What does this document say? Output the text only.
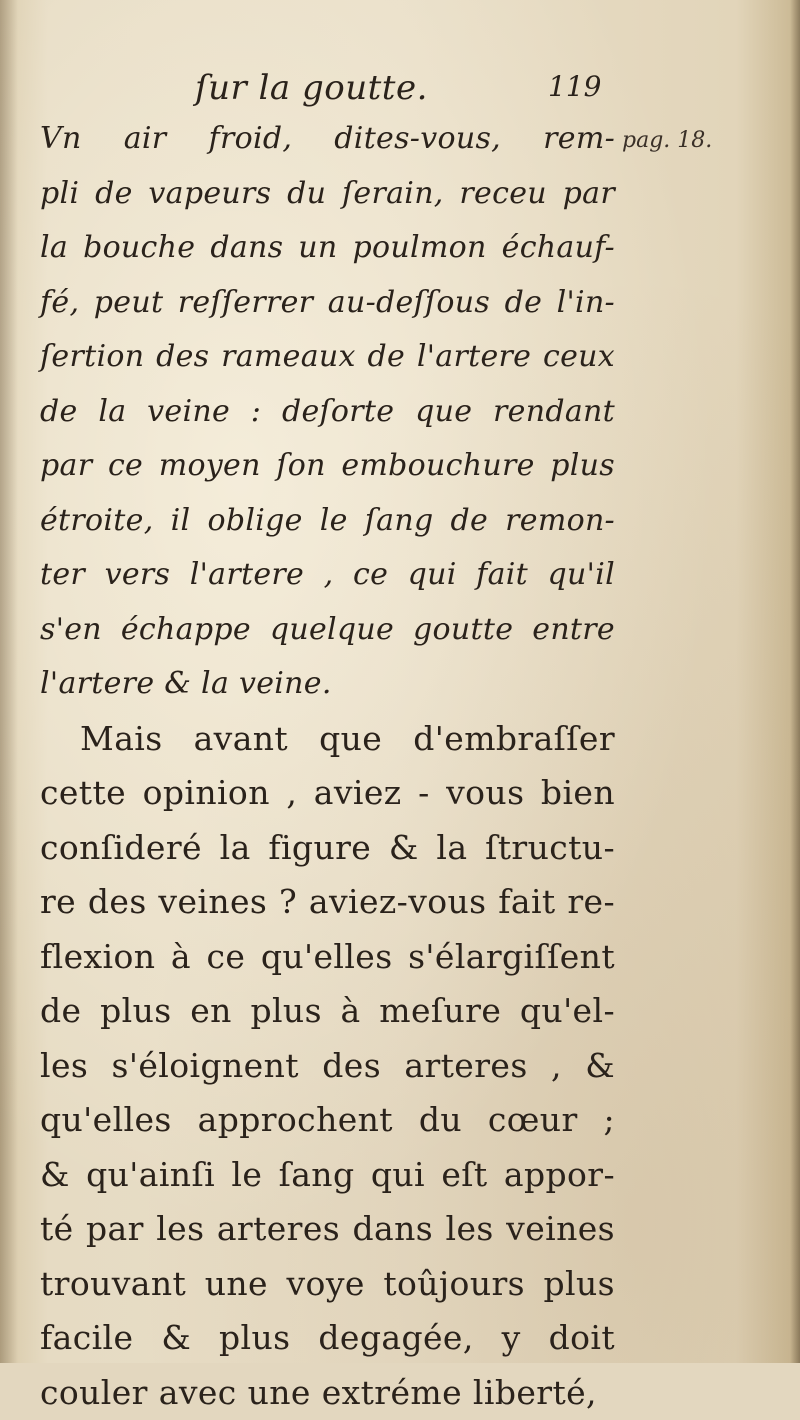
ſur la goutte.	119
pag. 18.
Vn air froid, dites-vous, rem-
pli de vapeurs du ſerain, receu par
la bouche dans un poulmon échauf-
fé, peut reſſerrer au-deſſous de l'in-
ſertion des rameaux de l'artere ceux
de la veine : deſorte que rendant
par ce moyen ſon embouchure plus
étroite, il oblige le ſang de remon-
ter vers l'artere , ce qui fait qu'il
s'en échappe quelque goutte entre
l'artere & la veine.
Mais avant que d'embraſſer
cette opinion , aviez - vous bien
conſideré la figure & la ſtructu-
re des veines ? aviez-vous fait re-
flexion à ce qu'elles s'élargiſſent
de plus en plus à meſure qu'el-
les s'éloignent des arteres , &
qu'elles approchent du cœur ;
& qu'ainſi le ſang qui eſt appor-
té par les arteres dans les veines
trouvant une voye toûjours plus
facile & plus degagée, y doit
couler avec une extréme liberté,
